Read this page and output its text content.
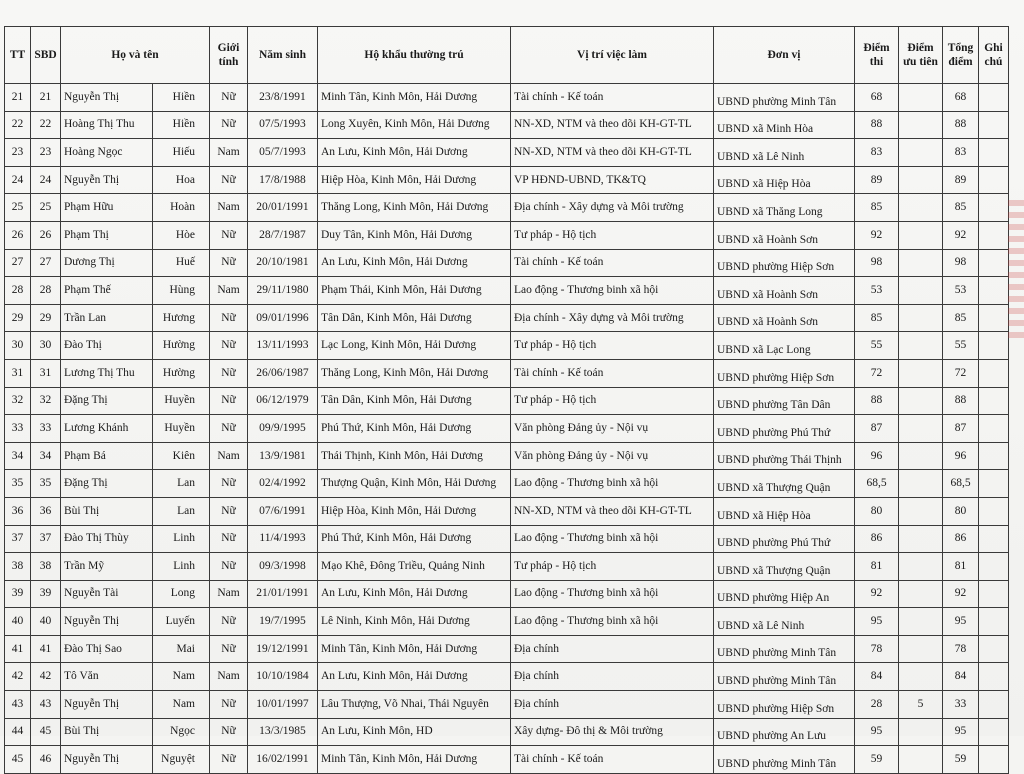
TT	SBD	Họ và tên		Giới tính	Năm sinh	Hộ khẩu thường trú	Vị trí việc làm	Đơn vị	Điểm thi	Điểm ưu tiên	Tổng điểm	Ghi chú
21	21	Nguyễn Thị	Hiền	Nữ	23/8/1991	Minh Tân, Kinh Môn, Hải Dương	Tài chính - Kế toán	UBND phường Minh Tân	68		68	
22	22	Hoàng Thị Thu	Hiền	Nữ	07/5/1993	Long Xuyên, Kinh Môn, Hải Dương	NN-XD, NTM và theo dõi KH-GT-TL	UBND xã Minh Hòa	88		88	
23	23	Hoàng Ngọc	Hiếu	Nam	05/7/1993	An Lưu, Kinh Môn, Hải Dương	NN-XD, NTM và theo dõi KH-GT-TL	UBND xã Lê Ninh	83		83	
24	24	Nguyễn Thị	Hoa	Nữ	17/8/1988	Hiệp Hòa, Kinh Môn, Hải Dương	VP HĐND-UBND, TK&TQ	UBND xã Hiệp Hòa	89		89	
25	25	Phạm Hữu	Hoàn	Nam	20/01/1991	Thăng Long, Kinh Môn, Hải Dương	Địa chính - Xây dựng và Môi trường	UBND xã Thăng Long	85		85	
26	26	Phạm Thị	Hòe	Nữ	28/7/1987	Duy Tân, Kinh Môn, Hải Dương	Tư pháp - Hộ tịch	UBND xã Hoành Sơn	92		92	
27	27	Dương Thị	Huế	Nữ	20/10/1981	An Lưu, Kinh Môn, Hải Dương	Tài chính - Kế toán	UBND phường Hiệp Sơn	98		98	
28	28	Phạm Thế	Hùng	Nam	29/11/1980	Phạm Thái, Kinh Môn, Hải Dương	Lao động - Thương binh xã hội	UBND xã Hoành Sơn	53		53	
29	29	Trần Lan	Hương	Nữ	09/01/1996	Tân Dân, Kinh Môn, Hải Dương	Địa chính - Xây dựng và Môi trường	UBND xã Hoành Sơn	85		85	
30	30	Đào Thị	Hường	Nữ	13/11/1993	Lạc Long, Kinh Môn, Hải Dương	Tư pháp - Hộ tịch	UBND xã Lạc Long	55		55	
31	31	Lương Thị Thu	Hường	Nữ	26/06/1987	Thăng Long, Kinh Môn, Hải Dương	Tài chính - Kế toán	UBND phường Hiệp Sơn	72		72	
32	32	Đặng Thị	Huyền	Nữ	06/12/1979	Tân Dân, Kinh Môn, Hải Dương	Tư pháp - Hộ tịch	UBND phường Tân Dân	88		88	
33	33	Lương Khánh	Huyền	Nữ	09/9/1995	Phú Thứ, Kinh Môn, Hải Dương	Văn phòng Đảng ủy - Nội vụ	UBND phường Phú Thứ	87		87	
34	34	Phạm Bá	Kiên	Nam	13/9/1981	Thái Thịnh, Kinh Môn, Hải Dương	Văn phòng Đảng ủy - Nội vụ	UBND phường Thái Thịnh	96		96	
35	35	Đặng Thị	Lan	Nữ	02/4/1992	Thượng Quận, Kinh Môn, Hải Dương	Lao động - Thương binh xã hội	UBND xã Thượng Quận	68,5		68,5	
36	36	Bùi Thị	Lan	Nữ	07/6/1991	Hiệp Hòa, Kinh Môn, Hải Dương	NN-XD, NTM và theo dõi KH-GT-TL	UBND xã Hiệp Hòa	80		80	
37	37	Đào Thị Thùy	Linh	Nữ	11/4/1993	Phú Thứ, Kinh Môn, Hải Dương	Lao động - Thương binh xã hội	UBND phường Phú Thứ	86		86	
38	38	Trần Mỹ	Linh	Nữ	09/3/1998	Mạo Khê, Đông Triều, Quảng Ninh	Tư pháp - Hộ tịch	UBND xã Thượng Quận	81		81	
39	39	Nguyễn Tài	Long	Nam	21/01/1991	An Lưu, Kinh Môn, Hải Dương	Lao động - Thương binh xã hội	UBND phường Hiệp An	92		92	
40	40	Nguyễn Thị	Luyến	Nữ	19/7/1995	Lê Ninh, Kinh Môn, Hải Dương	Lao động - Thương binh xã hội	UBND xã Lê Ninh	95		95	
41	41	Đào Thị Sao	Mai	Nữ	19/12/1991	Minh Tân, Kinh Môn, Hải Dương	Địa chính	UBND phường Minh Tân	78		78	
42	42	Tô Văn	Nam	Nam	10/10/1984	An Lưu, Kinh Môn, Hải Dương	Địa chính	UBND phường Minh Tân	84		84	
43	43	Nguyễn Thị	Nam	Nữ	10/01/1997	Lâu Thượng, Võ Nhai, Thái Nguyên	Địa chính	UBND phường Hiệp Sơn	28	5	33	
44	45	Bùi Thị	Ngọc	Nữ	13/3/1985	An Lưu, Kinh Môn, HD	Xây dựng- Đô thị & Môi trường	UBND phường An Lưu	95		95	
45	46	Nguyễn Thị	Nguyệt	Nữ	16/02/1991	Minh Tân, Kinh Môn, Hải Dương	Tài chính - Kế toán	UBND phường Minh Tân	59		59	
